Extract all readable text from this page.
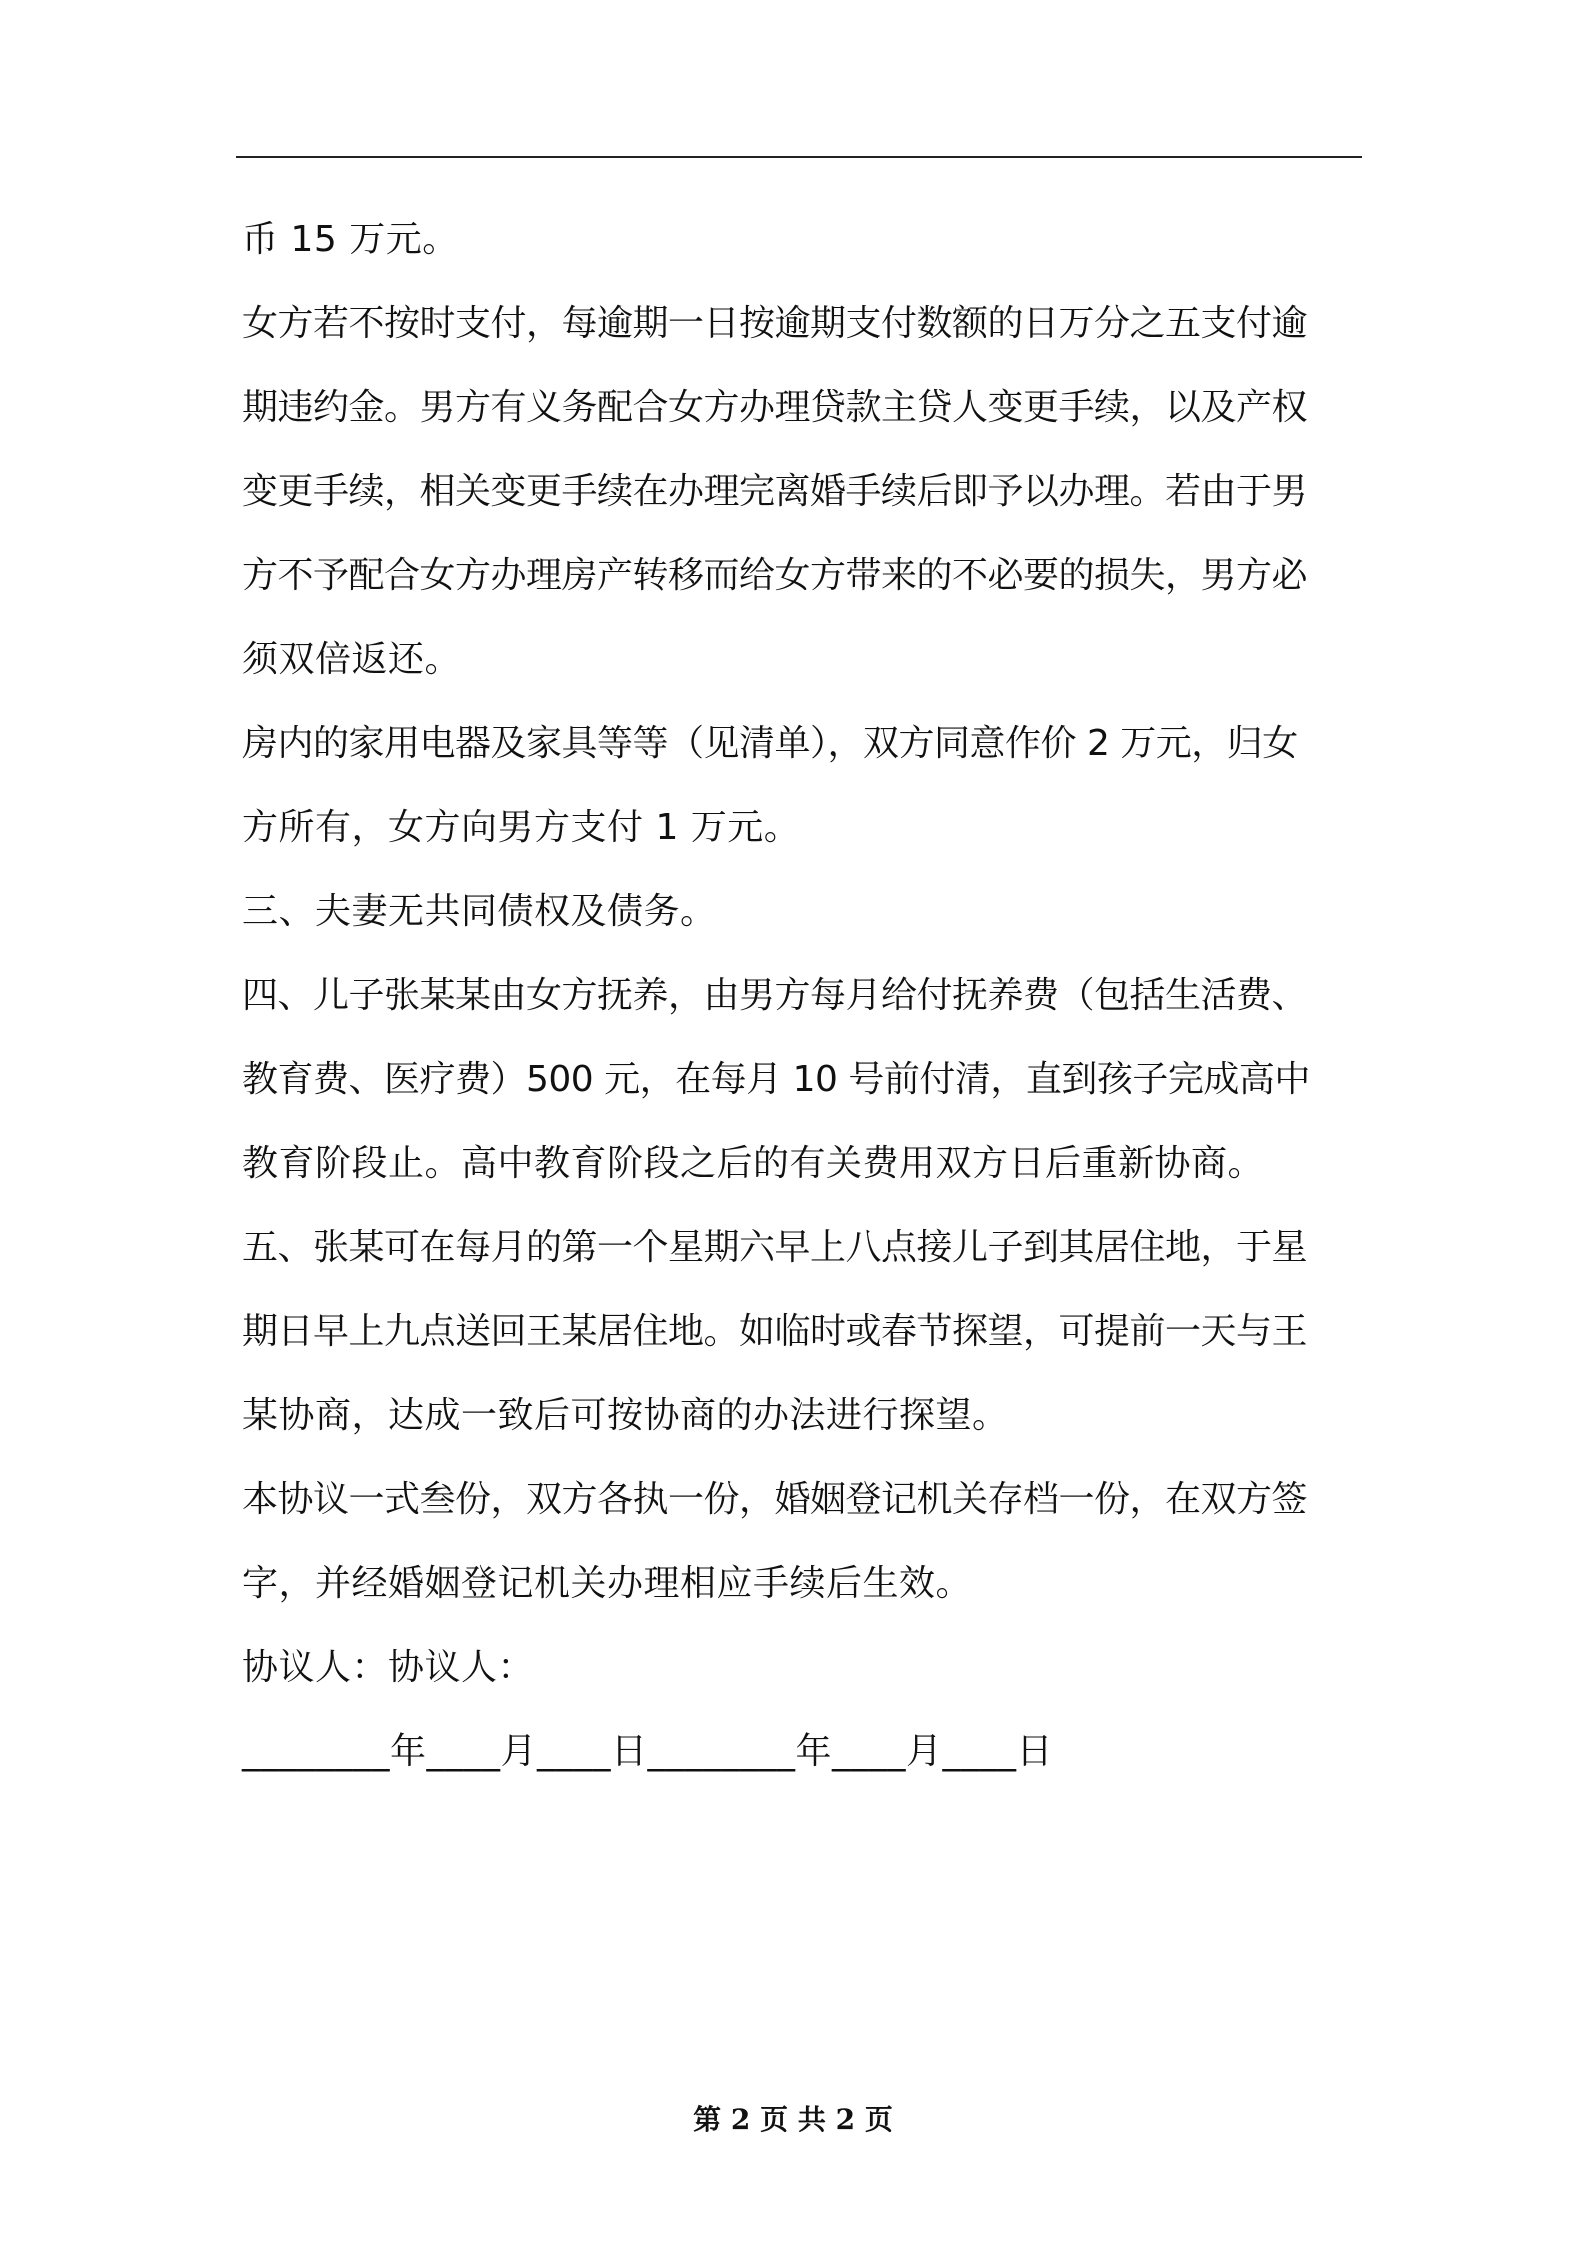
币 15 万元。
女方若不按时支付，每逾期一日按逾期支付数额的日万分之五支付逾
期违约金。男方有义务配合女方办理贷款主贷人变更手续，以及产权
变更手续，相关变更手续在办理完离婚手续后即予以办理。若由于男
方不予配合女方办理房产转移而给女方带来的不必要的损失，男方必
须双倍返还。
房内的家用电器及家具等等（见清单），双方同意作价 2 万元，归女
方所有，女方向男方支付 1 万元。
三、夫妻无共同债权及债务。
四、儿子张某某由女方抚养，由男方每月给付抚养费（包括生活费、
教育费、医疗费）500 元，在每月 10 号前付清，直到孩子完成高中
教育阶段止。高中教育阶段之后的有关费用双方日后重新协商。
五、张某可在每月的第一个星期六早上八点接儿子到其居住地，于星
期日早上九点送回王某居住地。如临时或春节探望，可提前一天与王
某协商，达成一致后可按协商的办法进行探望。
本协议一式叁份，双方各执一份，婚姻登记机关存档一份，在双方签
字，并经婚姻登记机关办理相应手续后生效。
协议人：协议人：
________年____月____日________年____月____日
第 2 页 共 2 页
